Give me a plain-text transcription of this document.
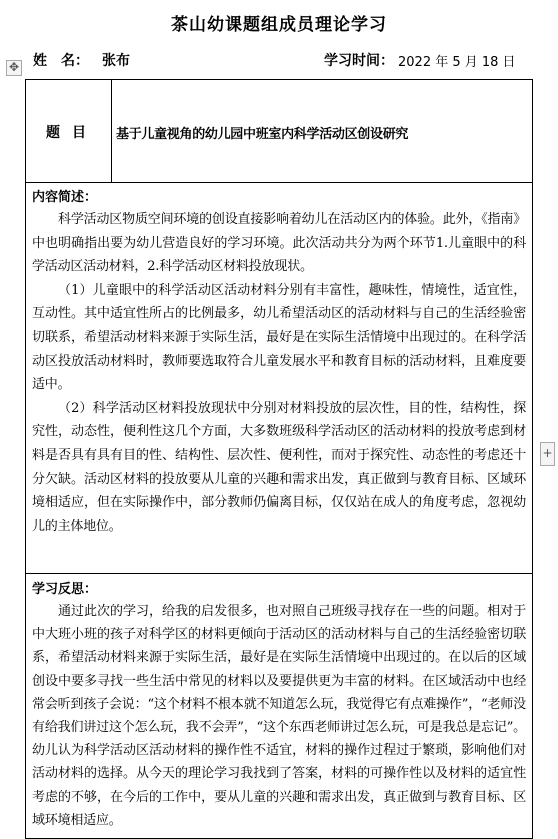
茶山幼课题组成员理论学习
✥ 姓　名： 张布	学习时间： 2022 年 5 月 18 日
题目 基于儿童视角的幼儿园中班室内科学活动区创设研究
内容简述：

科学活动区物质空间环境的创设直接影响着幼儿在活动区内的体验。此外，《指南》中也明确指出要为幼儿营造良好的学习环境。此次活动共分为两个环节1.儿童眼中的科学活动区活动材料，2.科学活动区材料投放现状。

（1）儿童眼中的科学活动区活动材料分别有丰富性，趣味性，情境性，适宜性，互动性。其中适宜性所占的比例最多，幼儿希望活动区的活动材料与自己的生活经验密切联系，希望活动材料来源于实际生活，最好是在实际生活情境中出现过的。在科学活动区投放活动材料时，教师要选取符合儿童发展水平和教育目标的活动材料，且难度要适中。

（2）科学活动区材料投放现状中分别对材料投放的层次性，目的性，结构性，探究性，动态性，便利性这几个方面，大多数班级科学活动区的活动材料的投放考虑到材料是否具有具有目的性、结构性、层次性、便利性，而对于探究性、动态性的考虑还十分欠缺。活动区材料的投放要从儿童的兴趣和需求出发，真正做到与教育目标、区域环境相适应，但在实际操作中，部分教师仍偏离目标，仅仅站在成人的角度考虑，忽视幼儿的主体地位。

学习反思：

通过此次的学习，给我的启发很多，也对照自己班级寻找存在一些的问题。相对于中大班小班的孩子对科学区的材料更倾向于活动区的活动材料与自己的生活经验密切联系，希望活动材料来源于实际生活，最好是在实际生活情境中出现过的。在以后的区域创设中要多寻找一些生活中常见的材料以及要提供更为丰富的材料。在区域活动中也经常会听到孩子会说：“这个材料不根本就不知道怎么玩，我觉得它有点难操作”，“老师没有给我们讲过这个怎么玩，我不会弄”，“这个东西老师讲过怎么玩，可是我总是忘记”。幼儿认为科学活动区活动材料的操作性不适宜，材料的操作过程过于繁琐，影响他们对活动材料的选择。从今天的理论学习我找到了答案，材料的可操作性以及材料的适宜性考虑的不够，在今后的工作中，要从儿童的兴趣和需求出发，真正做到与教育目标、区域环境相适应。

+
